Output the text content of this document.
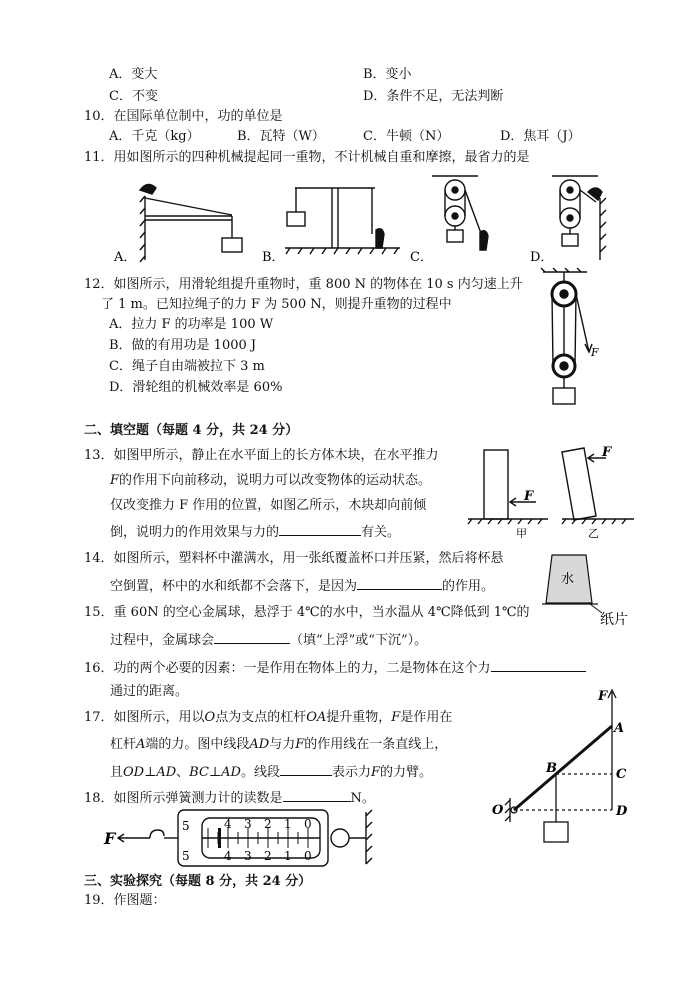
A．变大	B．变小
C．不变	D．条件不足，无法判断
10．在国际单位制中，功的单位是
A．千克（kg）	B．瓦特（W）	C．牛顿（N）	D．焦耳（J）
11．用如图所示的四种机械提起同一重物，不计机械自重和摩擦，最省力的是
A．	B．	C．	D．
12．如图所示，用滑轮组提升重物时，重 800 N 的物体在 10 s 内匀速上升
了 1 m。已知拉绳子的力 F 为 500 N，则提升重物的过程中
A．拉力 F 的功率是 100 W
B．做的有用功是 1000 J
C．绳子自由端被拉下 3 m
D．滑轮组的机械效率是 60%
F
二、填空题（每题 4 分，共 24 分）
13．如图甲所示，静止在水平面上的长方体木块，在水平推力
F的作用下向前移动，说明力可以改变物体的运动状态。
仅改变推力 F 作用的位置，如图乙所示，木块却向前倾
倒，说明力的作用效果与力的	有关。
F
F
甲	乙
14．如图所示，塑料杯中灌满水，用一张纸覆盖杯口并压紧，然后将杯悬
空倒置，杯中的水和纸都不会落下，是因为	的作用。	水
纸片
15．重 60N 的空心金属球，悬浮于 4℃的水中，当水温从 4℃降低到 1℃的
过程中，金属球会	（填“上浮”或“下沉”）。
16．功的两个必要的因素：一是作用在物体上的力，二是物体在这个力
通过的距离。
17．如图所示，用以O点为支点的杠杆OA提升重物，F是作用在
杠杆A端的力。图中线段AD与力F的作用线在一条直线上，
且OD⊥AD、BC⊥AD。线段	表示力F的力臂。
F
A
B	C
D
O
18．如图所示弹簧测力计的读数是	N。
F
5	4 3 2 1 0
5	4 3 2 1 0
三、实验探究（每题 8 分，共 24 分）
19．作图题：
